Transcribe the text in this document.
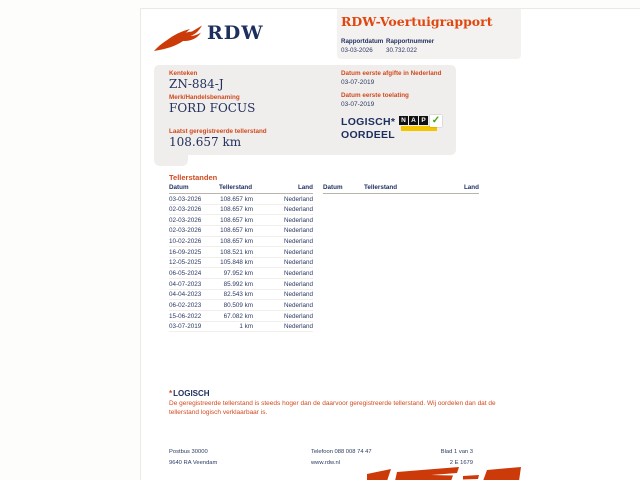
RDW
RDW-Voertuigrapport
Rapportdatum
03-03-2026
Rapportnummer
30.732.022
Kenteken
ZN-884-J
Merk/Handelsbenaming
FORD FOCUS
Laatst geregistreerde tellerstand
108.657 km
Datum eerste afgifte in Nederland
03-07-2019
Datum eerste toelating
03-07-2019
LOGISCH*
OORDEEL
N A P ✓
Tellerstanden
Datum	Tellerstand	Land
03-03-2026	108.657 km	Nederland
02-03-2026	108.657 km	Nederland
02-03-2026	108.657 km	Nederland
02-03-2026	108.657 km	Nederland
10-02-2026	108.657 km	Nederland
16-09-2025	108.521 km	Nederland
12-05-2025	105.848 km	Nederland
06-05-2024	97.952 km	Nederland
04-07-2023	85.992 km	Nederland
04-04-2023	82.543 km	Nederland
06-02-2023	80.509 km	Nederland
15-06-2022	67.082 km	Nederland
03-07-2019	1 km	Nederland
Datum	Tellerstand	Land
*LOGISCH
De geregistreerde tellerstand is steeds hoger dan de daarvoor geregistreerde tellerstand. Wij oordelen dan dat de tellerstand logisch verklaarbaar is.
Postbus 30000
9640 RA Veendam
Telefoon 088 008 74 47
www.rdw.nl
Blad 1 van 3
2 E 1679
